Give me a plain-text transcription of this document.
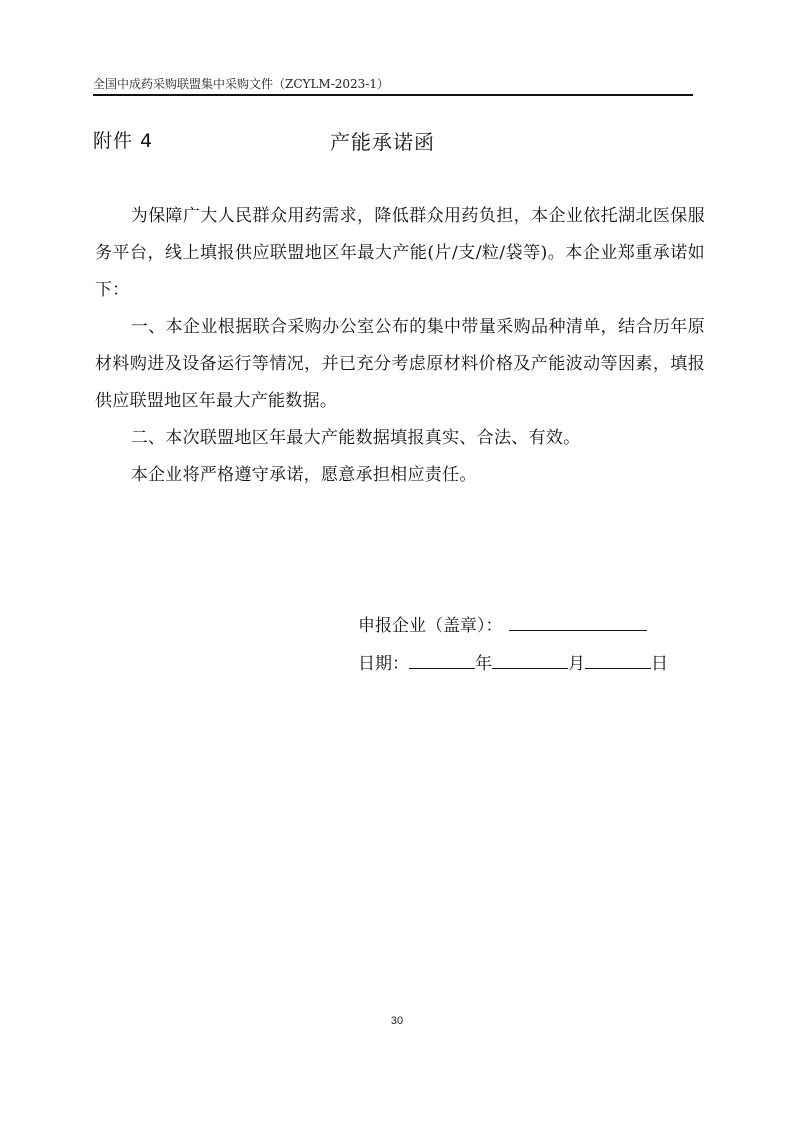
全国中成药采购联盟集中采购文件（ZCYLM-2023-1）
附件 4	产能承诺函

为保障广大人民群众用药需求，降低群众用药负担，本企业依托湖北医保服务平台，线上填报供应联盟地区年最大产能(片/支/粒/袋等)。本企业郑重承诺如下：

一、本企业根据联合采购办公室公布的集中带量采购品种清单，结合历年原材料购进及设备运行等情况，并已充分考虑原材料价格及产能波动等因素，填报供应联盟地区年最大产能数据。

二、本次联盟地区年最大产能数据填报真实、合法、有效。

本企业将严格遵守承诺，愿意承担相应责任。

申报企业（盖章）：
日期：	年	月	日
30
